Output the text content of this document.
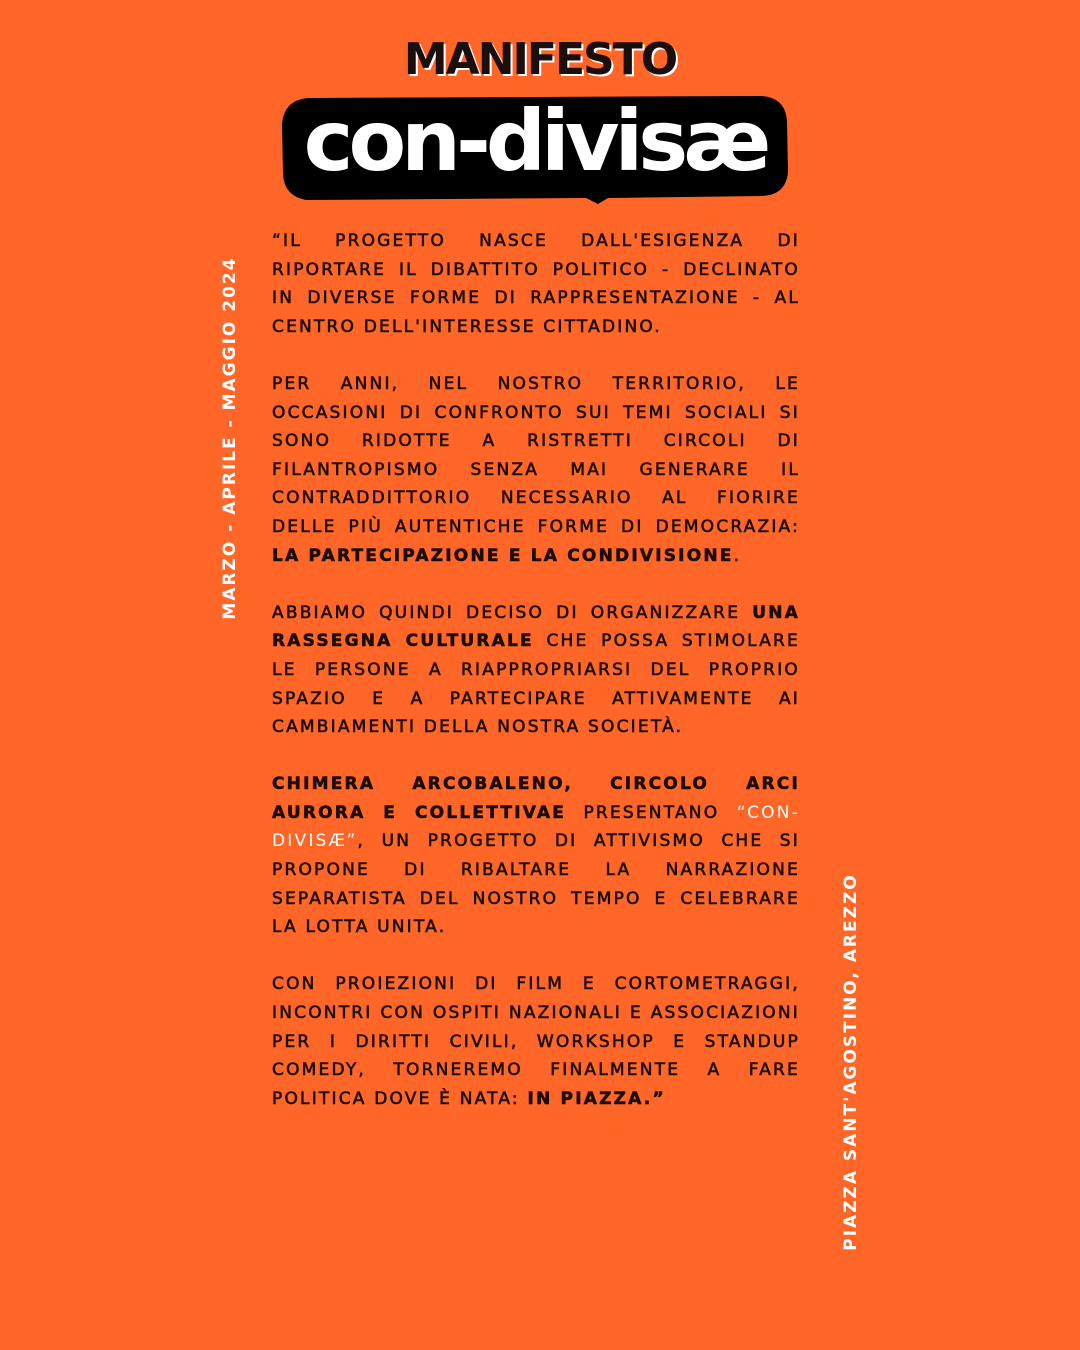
MANIFESTO
con-divisæ
MARZO - APRILE - MAGGIO 2024
PIAZZA SANT'AGOSTINO, AREZZO

“IL PROGETTO NASCE DALL'ESIGENZA DI RIPORTARE IL DIBATTITO POLITICO - DECLINATO IN DIVERSE FORME DI RAPPRESENTAZIONE - AL CENTRO DELL'INTERESSE CITTADINO.

PER ANNI, NEL NOSTRO TERRITORIO, LE OCCASIONI DI CONFRONTO SUI TEMI SOCIALI SI SONO RIDOTTE A RISTRETTI CIRCOLI DI FILANTROPISMO SENZA MAI GENERARE IL CONTRADDITTORIO NECESSARIO AL FIORIRE DELLE PIÙ AUTENTICHE FORME DI DEMOCRAZIA: LA PARTECIPAZIONE E LA CONDIVISIONE.

ABBIAMO QUINDI DECISO DI ORGANIZZARE UNA RASSEGNA CULTURALE CHE POSSA STIMOLARE LE PERSONE A RIAPPROPRIARSI DEL PROPRIO SPAZIO E A PARTECIPARE ATTIVAMENTE AI CAMBIAMENTI DELLA NOSTRA SOCIETÀ.

CHIMERA ARCOBALENO, CIRCOLO ARCI AURORA E COLLETTIVAE PRESENTANO “CON-DIVISÆ”, UN PROGETTO DI ATTIVISMO CHE SI PROPONE DI RIBALTARE LA NARRAZIONE SEPARATISTA DEL NOSTRO TEMPO E CELEBRARE LA LOTTA UNITA.

CON PROIEZIONI DI FILM E CORTOMETRAGGI, INCONTRI CON OSPITI NAZIONALI E ASSOCIAZIONI PER I DIRITTI CIVILI, WORKSHOP E STANDUP COMEDY, TORNEREMO FINALMENTE A FARE POLITICA DOVE È NATA: IN PIAZZA.”
